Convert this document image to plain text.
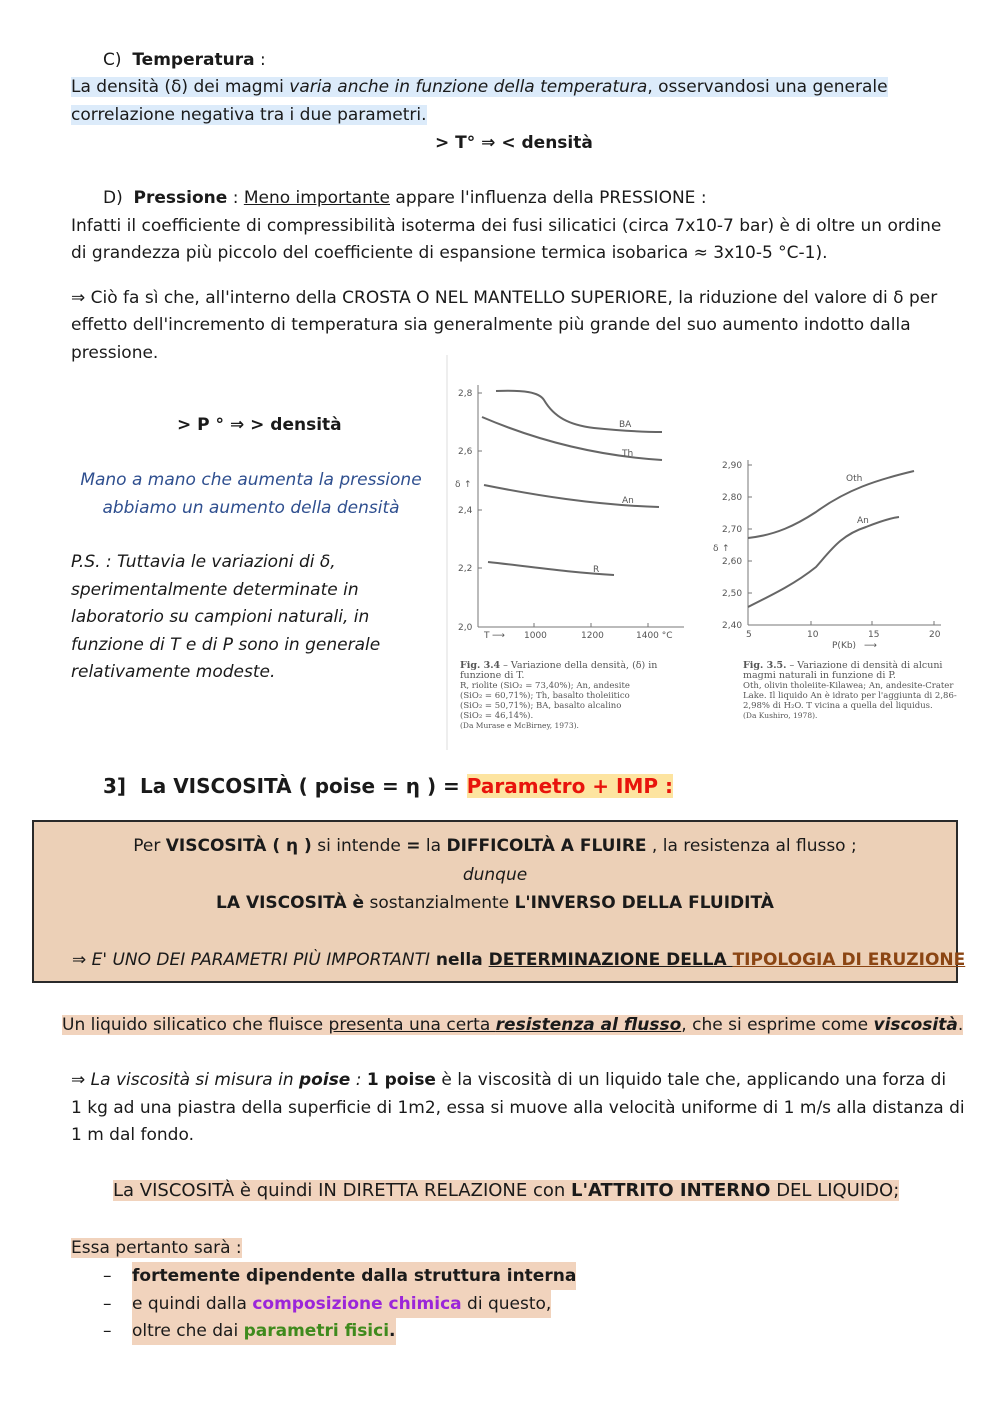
C) Temperatura :
La densità (δ) dei magmi varia anche in funzione della temperatura, osservandosi una generale
correlazione negativa tra i due parametri.
> T° ⇒ < densità
D) Pressione : Meno importante appare l'influenza della PRESSIONE :
Infatti il coefficiente di compressibilità isoterma dei fusi silicatici (circa 7x10-7 bar) è di oltre un ordine
di grandezza più piccolo del coefficiente di espansione termica isobarica ≈ 3x10-5 °C-1).
⇒ Ciò fa sì che, all'interno della CROSTA O NEL MANTELLO SUPERIORE, la riduzione del valore di δ per
effetto dell'incremento di temperatura sia generalmente più grande del suo aumento indotto dalla
pressione.
> P ° ⇒ > densità
Mano a mano che aumenta la pressione
abbiamo un aumento della densità
P.S. : Tuttavia le variazioni di δ,
sperimentalmente determinate in
laboratorio su campioni naturali, in
funzione di T e di P sono in generale
relativamente modeste.
2,8
2,6
2,4
2,2
2,0
δ ↑
T ⟶ 1000	1200	1400 °C
BA
Th
An
R
Fig. 3.4 – Variazione della densità, (δ) in
funzione di T.
R, riolite (SiO₂ = 73,40%); An, andesite
(SiO₂ = 60,71%); Th, basalto tholeiitico
(SiO₂ = 50,71%); BA, basalto alcalino
(SiO₂ = 46,14%).
(Da Murase e McBirney, 1973).
2,90
2,80
2,70
2,60
2,50
2,40
δ ↑
5	10	15	20
P(Kb) ⟶
Oth
An
Fig. 3.5. – Variazione di densità di alcuni
magmi naturali in funzione di P.
Oth, olivin tholeiite-Kilawea; An, andesite-Crater
Lake. Il liquido An è idrato per l'aggiunta di 2,86-
2,98% di H₂O. T vicina a quella del liquidus.
(Da Kushiro, 1978).
3] La VISCOSITÀ ( poise = η ) = Parametro + IMP :
Per VISCOSITÀ ( η ) si intende = la DIFFICOLTÀ A FLUIRE , la resistenza al flusso ;
dunque
LA VISCOSITÀ è sostanzialmente L'INVERSO DELLA FLUIDITÀ
⇒ E' UNO DEI PARAMETRI PIÙ IMPORTANTI nella DETERMINAZIONE DELLA TIPOLOGIA DI ERUZIONE
Un liquido silicatico che fluisce presenta una certa resistenza al flusso, che si esprime come viscosità.
⇒ La viscosità si misura in poise : 1 poise è la viscosità di un liquido tale che, applicando una forza di
1 kg ad una piastra della superficie di 1m2, essa si muove alla velocità uniforme di 1 m/s alla distanza di
1 m dal fondo.
La VISCOSITÀ è quindi IN DIRETTA RELAZIONE con L'ATTRITO INTERNO DEL LIQUIDO;
Essa pertanto sarà :
– fortemente dipendente dalla struttura interna
– e quindi dalla composizione chimica di questo,
– oltre che dai parametri fisici.
